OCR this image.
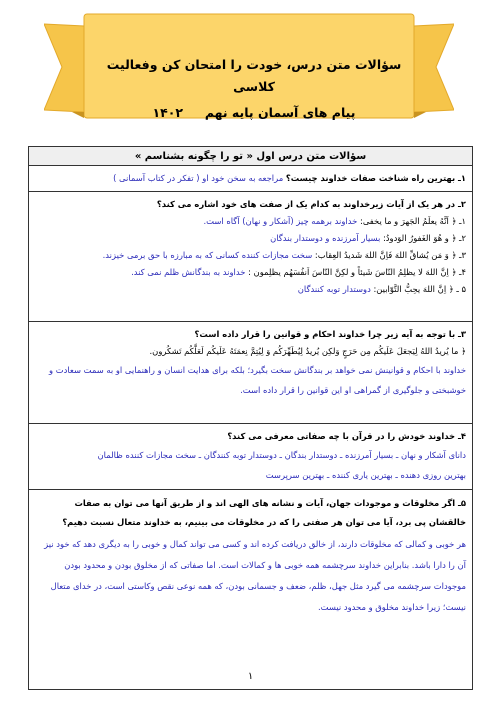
سؤالات متن درس، خودت را امتحان کن وفعالیت کلاسی
پیام های آسمان پایه نهم     ۱۴۰۲
سؤالات متن درس اول « تو را چگونه بشناسم »
۱ـ بهترین راه شناخت صفات خداوند چیست؟ مراجعه به سخن خود او ( تفکر در کتاب آسمانی )
۲ـ در هر یک از آیات زیرخداوند به کدام یک از صفت های خود اشاره می کند؟
۱ـ ﴿ اَنَّهُ یعلَمُ الجَهرَ و ما یخفی: خداوند برهمه چیز (آشکار و نهان) آگاه است.
۲ـ ﴿ و هُوَ الغَفورُ الوَدودُ: بسیار آمرزنده و دوستدار بندگان
۳ـ ﴿ وَ مَن یُشاقِّ اللهَ فَاِنَّ اللهَ شَدیدُ العِقاب: سخت مجازات کننده کسانی که به مبارزه با حق برمی خیزند.
۴ـ ﴿ اِنَّ اللهَ لا یظلِمُ النّاسَ شَیئاً و لکِنَّ النّاسَ اَنفُسَهُم یظلِمون : خداوند به بندگانش ظلم نمی کند.
۵ ـ ﴿ اِنَّ اللهَ یحِبُّ التَّوّابین: دوستدار توبه کنندگان
۳ـ با توجه به آیه زیر چرا خداوند احکام و قوانین را قرار داده است؟
﴿ ما یُریدُ اللهُ لِیَجعَلَ عَلَیکُم مِن حَرَجٍ وَلکِن یُریدُ لِیُطَهِّرَکُم وَ لِیُتِمَّ نِعمَتَهُ عَلَیکُم لَعَلَّکُم تَشکُرون.
خداوند با احکام و قوانینش نمی خواهد بر بندگانش سخت بگیرد؛ بلکه برای هدایت انسان و راهنمایی او به سمت سعادت و خوشبختی و جلوگیری از گمراهی او این قوانین را قرار داده است.
۴ـ خداوند خودش را در قرآن با چه صفاتی معرفی می کند؟
دانای آشکار و نهان ـ بسیار آمرزنده ـ دوستدار بندگان ـ دوستدار توبه کنندگان ـ سخت مجازات کننده ظالمان
بهترین روزی دهنده ـ بهترین یاری کننده ـ بهترین سرپرست
۵ـ اگر مخلوقات و موجودات جهان، آیات و نشانه های الهی اند و از طریق آنها می توان به صفات خالقشان پی برد، آیا می توان هر صفتی را که در مخلوقات می بینیم، به خداوند متعال نسبت دهیم؟
هر خوبی و کمالی که مخلوقات دارند، از خالق دریافت کرده اند و کسی می تواند کمال و خوبی را به دیگری دهد که خود نیز آن را دارا باشد. بنابراین خداوند سرچشمه همه خوبی ها و کمالات است. اما صفاتی که از مخلوق بودن و محدود بودن موجودات سرچشمه می گیرد مثل جهل، ظلم، ضعف و جسمانی بودن، که همه نوعی نقص وکاستی است، در خدای متعال نیست؛ زیرا خداوند مخلوق و محدود نیست.
۱
